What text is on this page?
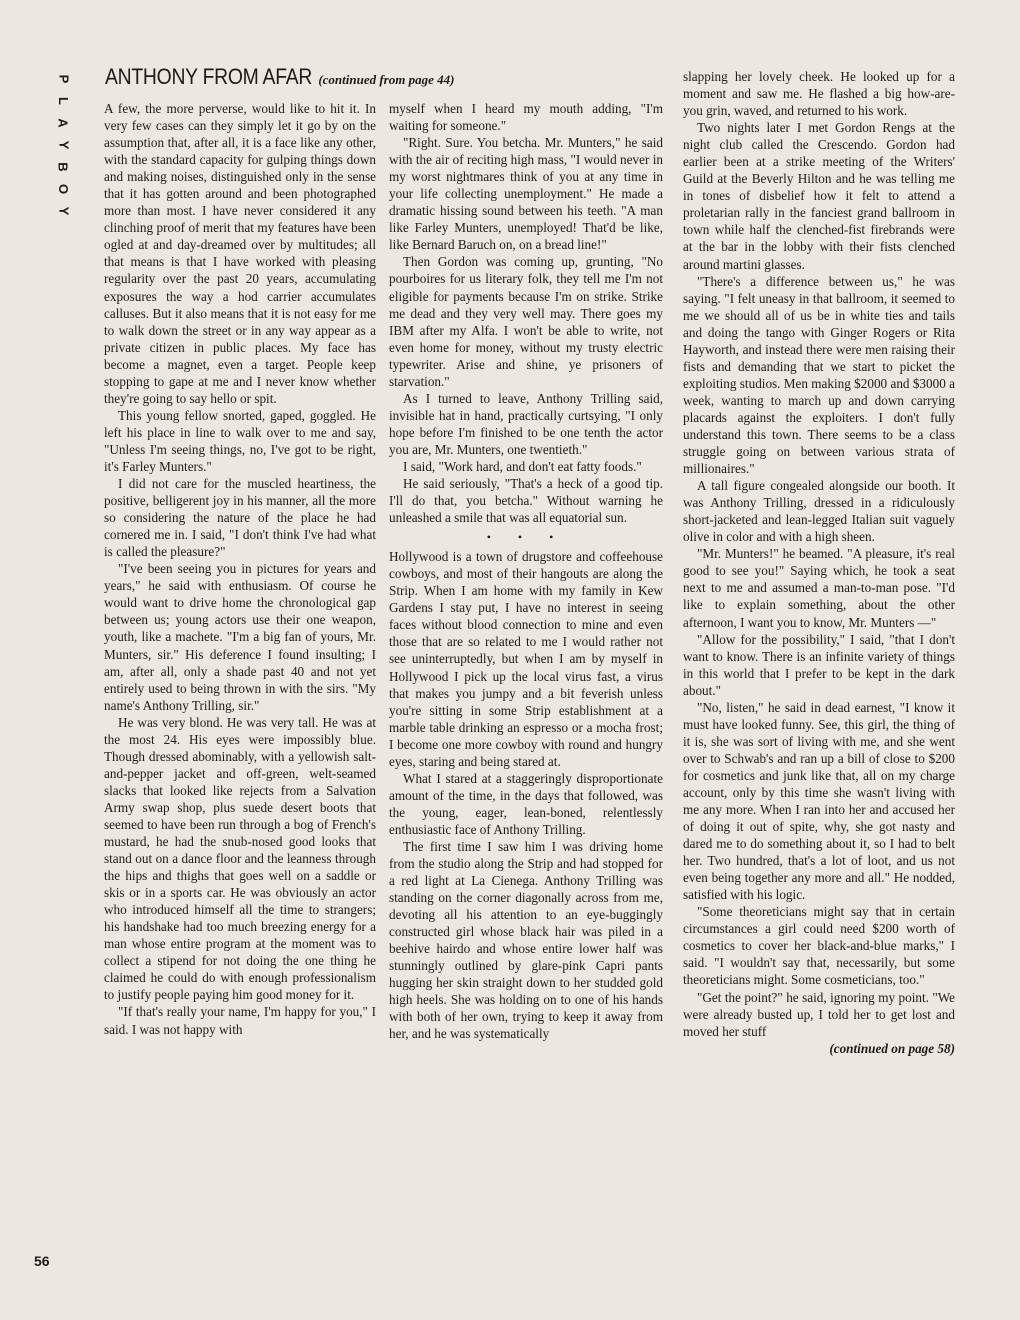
P
L
A
Y
B
O
Y
56
ANTHONY FROM AFAR (continued from page 44)

A few, the more perverse, would like to hit it. In very few cases can they simply let it go by on the assumption that, after all, it is a face like any other, with the standard capacity for gulping things down and making noises, distinguished only in the sense that it has gotten around and been photographed more than most. I have never considered it any clinching proof of merit that my features have been ogled at and day-dreamed over by multitudes; all that means is that I have worked with pleasing regularity over the past 20 years, accumulating exposures the way a hod carrier accumulates calluses. But it also means that it is not easy for me to walk down the street or in any way appear as a private citizen in public places. My face has become a magnet, even a target. People keep stopping to gape at me and I never know whether they're going to say hello or spit.

This young fellow snorted, gaped, goggled. He left his place in line to walk over to me and say, "Unless I'm seeing things, no, I've got to be right, it's Farley Munters."

I did not care for the muscled heartiness, the positive, belligerent joy in his manner, all the more so considering the nature of the place he had cornered me in. I said, "I don't think I've had what is called the pleasure?"

"I've been seeing you in pictures for years and years," he said with enthusiasm. Of course he would want to drive home the chronological gap between us; young actors use their one weapon, youth, like a machete. "I'm a big fan of yours, Mr. Munters, sir." His deference I found insulting; I am, after all, only a shade past 40 and not yet entirely used to being thrown in with the sirs. "My name's Anthony Trilling, sir."

He was very blond. He was very tall. He was at the most 24. His eyes were impossibly blue. Though dressed abominably, with a yellowish salt-and-pepper jacket and off-green, welt-seamed slacks that looked like rejects from a Salvation Army swap shop, plus suede desert boots that seemed to have been run through a bog of French's mustard, he had the snub-nosed good looks that stand out on a dance floor and the leanness through the hips and thighs that goes well on a saddle or skis or in a sports car. He was obviously an actor who introduced himself all the time to strangers; his handshake had too much breezing energy for a man whose entire program at the moment was to collect a stipend for not doing the one thing he claimed he could do with enough professionalism to justify people paying him good money for it.

"If that's really your name, I'm happy for you," I said. I was not happy with

myself when I heard my mouth adding, "I'm waiting for someone."

"Right. Sure. You betcha. Mr. Munters," he said with the air of reciting high mass, "I would never in my worst nightmares think of you at any time in your life collecting unemployment." He made a dramatic hissing sound between his teeth. "A man like Farley Munters, unemployed! That'd be like, like Bernard Baruch on, on a bread line!"

Then Gordon was coming up, grunting, "No pourboires for us literary folk, they tell me I'm not eligible for payments because I'm on strike. Strike me dead and they very well may. There goes my IBM after my Alfa. I won't be able to write, not even home for money, without my trusty electric typewriter. Arise and shine, ye prisoners of starvation."

As I turned to leave, Anthony Trilling said, invisible hat in hand, practically curtsying, "I only hope before I'm finished to be one tenth the actor you are, Mr. Munters, one twentieth."

I said, "Work hard, and don't eat fatty foods."

He said seriously, "That's a heck of a good tip. I'll do that, you betcha." Without warning he unleashed a smile that was all equatorial sun.

• • •

Hollywood is a town of drugstore and coffeehouse cowboys, and most of their hangouts are along the Strip. When I am home with my family in Kew Gardens I stay put, I have no interest in seeing faces without blood connection to mine and even those that are so related to me I would rather not see uninterruptedly, but when I am by myself in Hollywood I pick up the local virus fast, a virus that makes you jumpy and a bit feverish unless you're sitting in some Strip establishment at a marble table drinking an espresso or a mocha frost; I become one more cowboy with round and hungry eyes, staring and being stared at.

What I stared at a staggeringly disproportionate amount of the time, in the days that followed, was the young, eager, lean-boned, relentlessly enthusiastic face of Anthony Trilling.

The first time I saw him I was driving home from the studio along the Strip and had stopped for a red light at La Cienega. Anthony Trilling was standing on the corner diagonally across from me, devoting all his attention to an eye-buggingly constructed girl whose black hair was piled in a beehive hairdo and whose entire lower half was stunningly outlined by glare-pink Capri pants hugging her skin straight down to her studded gold high heels. She was holding on to one of his hands with both of her own, trying to keep it away from her, and he was systematically

slapping her lovely cheek. He looked up for a moment and saw me. He flashed a big how-are-you grin, waved, and returned to his work.

Two nights later I met Gordon Rengs at the night club called the Crescendo. Gordon had earlier been at a strike meeting of the Writers' Guild at the Beverly Hilton and he was telling me in tones of disbelief how it felt to attend a proletarian rally in the fanciest grand ballroom in town while half the clenched-fist firebrands were at the bar in the lobby with their fists clenched around martini glasses.

"There's a difference between us," he was saying. "I felt uneasy in that ballroom, it seemed to me we should all of us be in white ties and tails and doing the tango with Ginger Rogers or Rita Hayworth, and instead there were men raising their fists and demanding that we start to picket the exploiting studios. Men making $2000 and $3000 a week, wanting to march up and down carrying placards against the exploiters. I don't fully understand this town. There seems to be a class struggle going on between various strata of millionaires."

A tall figure congealed alongside our booth. It was Anthony Trilling, dressed in a ridiculously short-jacketed and lean-legged Italian suit vaguely olive in color and with a high sheen.

"Mr. Munters!" he beamed. "A pleasure, it's real good to see you!" Saying which, he took a seat next to me and assumed a man-to-man pose. "I'd like to explain something, about the other afternoon, I want you to know, Mr. Munters —"

"Allow for the possibility," I said, "that I don't want to know. There is an infinite variety of things in this world that I prefer to be kept in the dark about."

"No, listen," he said in dead earnest, "I know it must have looked funny. See, this girl, the thing of it is, she was sort of living with me, and she went over to Schwab's and ran up a bill of close to $200 for cosmetics and junk like that, all on my charge account, only by this time she wasn't living with me any more. When I ran into her and accused her of doing it out of spite, why, she got nasty and dared me to do something about it, so I had to belt her. Two hundred, that's a lot of loot, and us not even being together any more and all." He nodded, satisfied with his logic.

"Some theoreticians might say that in certain circumstances a girl could need $200 worth of cosmetics to cover her black-and-blue marks," I said. "I wouldn't say that, necessarily, but some theoreticians might. Some cosmeticians, too."

"Get the point?" he said, ignoring my point. "We were already busted up, I told her to get lost and moved her stuff

(continued on page 58)
